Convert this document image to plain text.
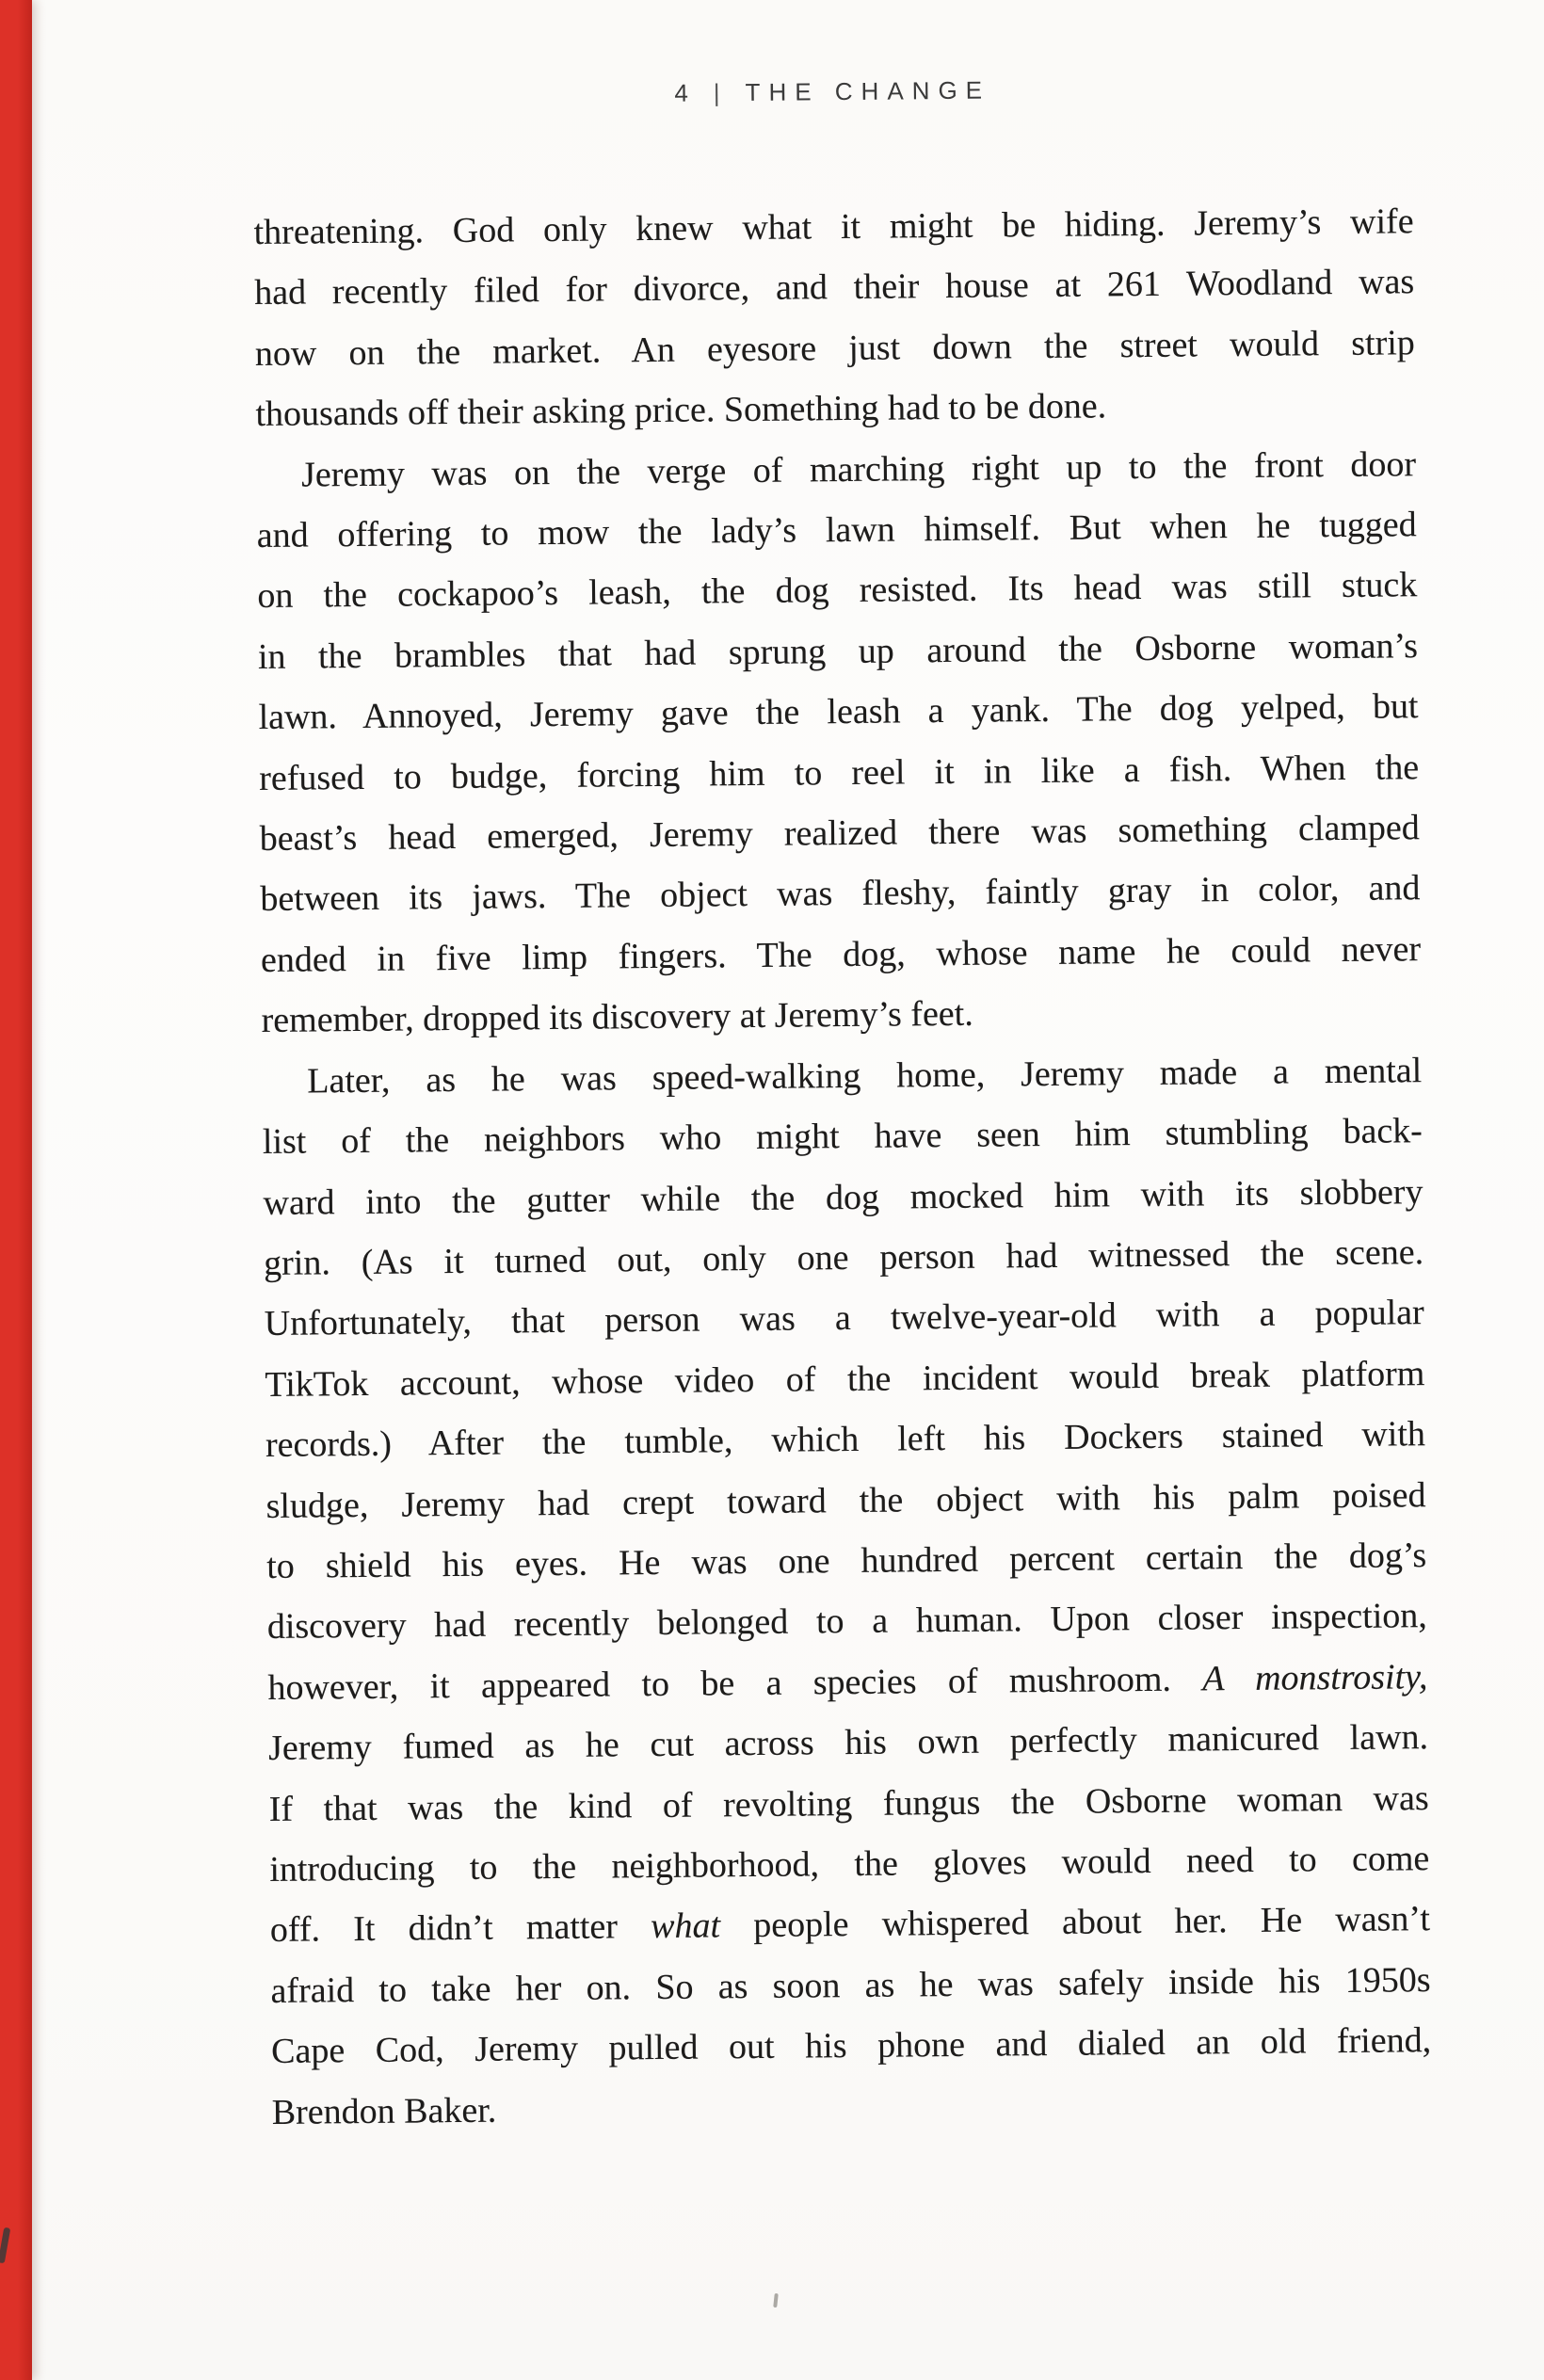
4 | THE CHANGE
threatening. God only knew what it might be hiding. Jeremy’s wife
had recently filed for divorce, and their house at 261 Woodland was
now on the market. An eyesore just down the street would strip
thousands off their asking price. Something had to be done.
Jeremy was on the verge of marching right up to the front door
and offering to mow the lady’s lawn himself. But when he tugged
on the cockapoo’s leash, the dog resisted. Its head was still stuck
in the brambles that had sprung up around the Osborne woman’s
lawn. Annoyed, Jeremy gave the leash a yank. The dog yelped, but
refused to budge, forcing him to reel it in like a fish. When the
beast’s head emerged, Jeremy realized there was something clamped
between its jaws. The object was fleshy, faintly gray in color, and
ended in five limp fingers. The dog, whose name he could never
remember, dropped its discovery at Jeremy’s feet.
Later, as he was speed-walking home, Jeremy made a mental
list of the neighbors who might have seen him stumbling back-
ward into the gutter while the dog mocked him with its slobbery
grin. (As it turned out, only one person had witnessed the scene.
Unfortunately, that person was a twelve-year-old with a popular
TikTok account, whose video of the incident would break platform
records.) After the tumble, which left his Dockers stained with
sludge, Jeremy had crept toward the object with his palm poised
to shield his eyes. He was one hundred percent certain the dog’s
discovery had recently belonged to a human. Upon closer inspection,
however, it appeared to be a species of mushroom. A monstrosity,
Jeremy fumed as he cut across his own perfectly manicured lawn.
If that was the kind of revolting fungus the Osborne woman was
introducing to the neighborhood, the gloves would need to come
off. It didn’t matter what people whispered about her. He wasn’t
afraid to take her on. So as soon as he was safely inside his 1950s
Cape Cod, Jeremy pulled out his phone and dialed an old friend,
Brendon Baker.
